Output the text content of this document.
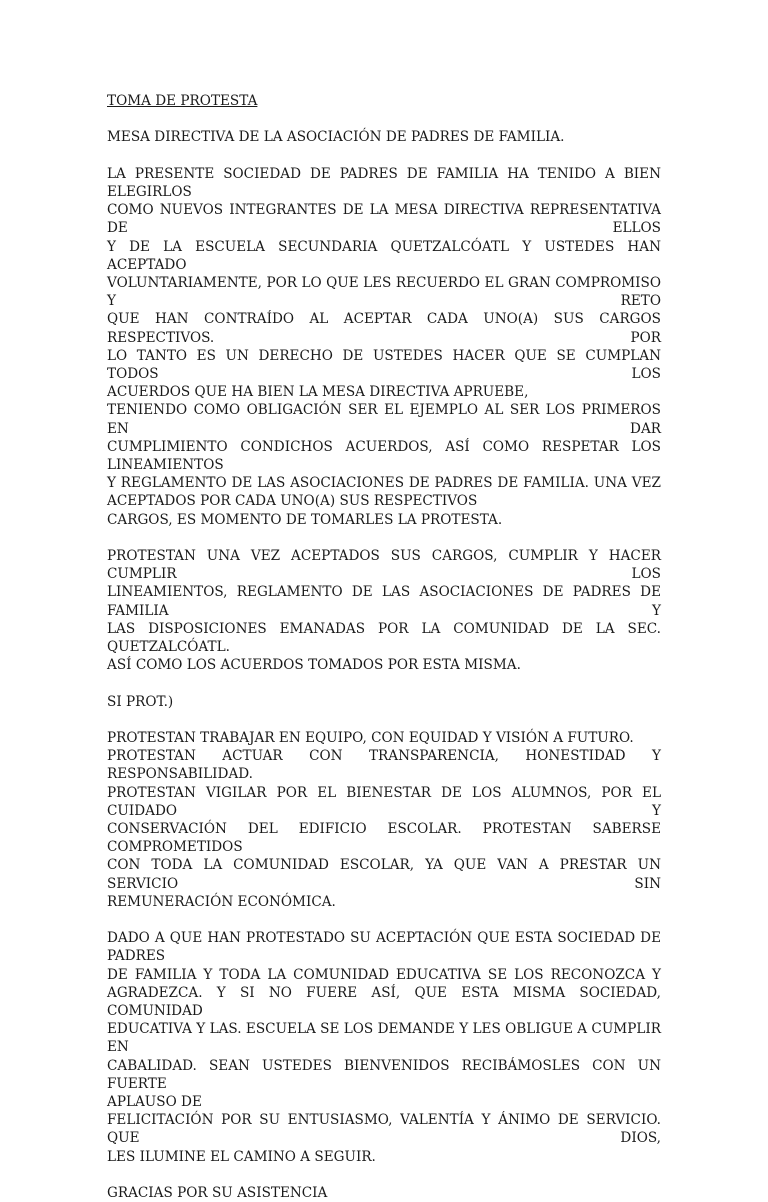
TOMA DE PROTESTA
MESA DIRECTIVA DE LA ASOCIACIÓN DE PADRES DE FAMILIA.
LA PRESENTE SOCIEDAD DE PADRES DE FAMILIA HA TENIDO A BIEN ELEGIRLOS
COMO NUEVOS INTEGRANTES DE LA MESA DIRECTIVA REPRESENTATIVA DE ELLOS
Y DE LA ESCUELA SECUNDARIA QUETZALCÓATL Y USTEDES HAN ACEPTADO
VOLUNTARIAMENTE, POR LO QUE LES RECUERDO EL GRAN COMPROMISO Y RETO
QUE HAN CONTRAÍDO AL ACEPTAR CADA UNO(A) SUS CARGOS RESPECTIVOS. POR
LO TANTO ES UN DERECHO DE USTEDES HACER QUE SE CUMPLAN TODOS LOS
ACUERDOS QUE HA BIEN LA MESA DIRECTIVA APRUEBE,
TENIENDO COMO OBLIGACIÓN SER EL EJEMPLO AL SER LOS PRIMEROS EN DAR
CUMPLIMIENTO CONDICHOS ACUERDOS, ASÍ COMO RESPETAR LOS LINEAMIENTOS
Y REGLAMENTO DE LAS ASOCIACIONES DE PADRES DE FAMILIA. UNA VEZ
ACEPTADOS POR CADA UNO(A) SUS RESPECTIVOS
CARGOS, ES MOMENTO DE TOMARLES LA PROTESTA.
PROTESTAN UNA VEZ ACEPTADOS SUS CARGOS, CUMPLIR Y HACER CUMPLIR LOS
LINEAMIENTOS, REGLAMENTO DE LAS ASOCIACIONES DE PADRES DE FAMILIA Y
LAS DISPOSICIONES EMANADAS POR LA COMUNIDAD DE LA SEC. QUETZALCÓATL.
ASÍ COMO LOS ACUERDOS TOMADOS POR ESTA MISMA.
SI PROT.)
PROTESTAN TRABAJAR EN EQUIPO, CON EQUIDAD Y VISIÓN A FUTURO.
PROTESTAN ACTUAR CON TRANSPARENCIA, HONESTIDAD Y RESPONSABILIDAD.
PROTESTAN VIGILAR POR EL BIENESTAR DE LOS ALUMNOS, POR EL CUIDADO Y
CONSERVACIÓN DEL EDIFICIO ESCOLAR. PROTESTAN SABERSE COMPROMETIDOS
CON TODA LA COMUNIDAD ESCOLAR, YA QUE VAN A PRESTAR UN SERVICIO SIN
REMUNERACIÓN ECONÓMICA.
DADO A QUE HAN PROTESTADO SU ACEPTACIÓN QUE ESTA SOCIEDAD DE PADRES
DE FAMILIA Y TODA LA COMUNIDAD EDUCATIVA SE LOS RECONOZCA Y
AGRADEZCA. Y SI NO FUERE ASÍ, QUE ESTA MISMA SOCIEDAD, COMUNIDAD
EDUCATIVA Y LAS. ESCUELA SE LOS DEMANDE Y LES OBLIGUE A CUMPLIR EN
CABALIDAD. SEAN USTEDES BIENVENIDOS RECIBÁMOSLES CON UN FUERTE
APLAUSO DE
FELICITACIÓN POR SU ENTUSIASMO, VALENTÍA Y ÁNIMO DE SERVICIO. QUE DIOS,
LES ILUMINE EL CAMINO A SEGUIR.
GRACIAS POR SU ASISTENCIA
